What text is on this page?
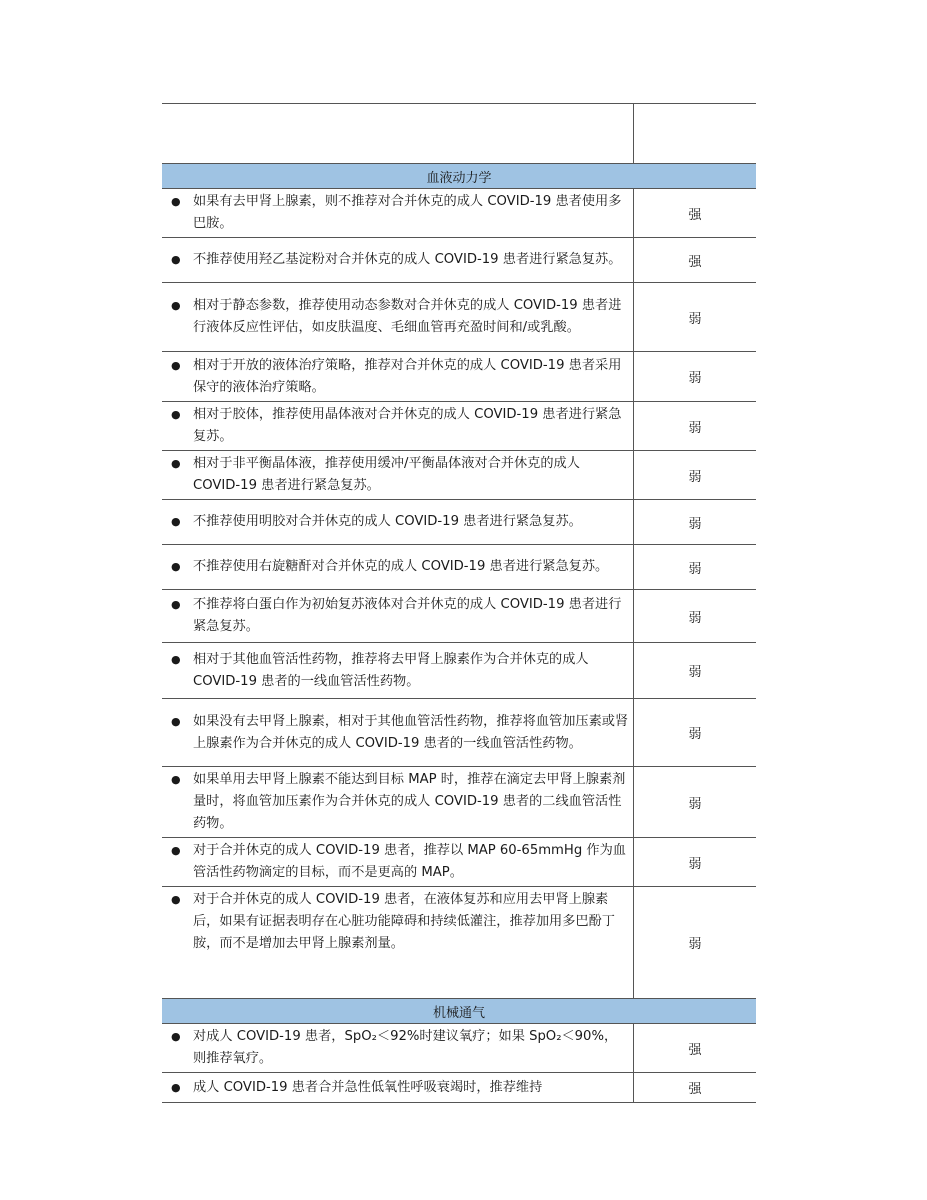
血液动力学	

● 如果有去甲肾上腺素，则不推荐对合并休克的成人 COVID-19 患者使用多巴胺。	强

● 不推荐使用羟乙基淀粉对合并休克的成人 COVID-19 患者进行紧急复苏。	强

● 相对于静态参数，推荐使用动态参数对合并休克的成人 COVID-19 患者进行液体反应性评估，如皮肤温度、毛细血管再充盈时间和/或乳酸。	弱

● 相对于开放的液体治疗策略，推荐对合并休克的成人 COVID-19 患者采用保守的液体治疗策略。	弱

● 相对于胶体，推荐使用晶体液对合并休克的成人 COVID-19 患者进行紧急复苏。	弱

● 相对于非平衡晶体液，推荐使用缓冲/平衡晶体液对合并休克的成人 COVID-19 患者进行紧急复苏。	弱

● 不推荐使用明胶对合并休克的成人 COVID-19 患者进行紧急复苏。	弱

● 不推荐使用右旋糖酐对合并休克的成人 COVID-19 患者进行紧急复苏。	弱

● 不推荐将白蛋白作为初始复苏液体对合并休克的成人 COVID-19 患者进行紧急复苏。	弱

● 相对于其他血管活性药物，推荐将去甲肾上腺素作为合并休克的成人 COVID-19 患者的一线血管活性药物。	弱

● 如果没有去甲肾上腺素，相对于其他血管活性药物，推荐将血管加压素或肾上腺素作为合并休克的成人 COVID-19 患者的一线血管活性药物。	弱

● 如果单用去甲肾上腺素不能达到目标 MAP 时，推荐在滴定去甲肾上腺素剂量时，将血管加压素作为合并休克的成人 COVID-19 患者的二线血管活性药物。	弱

● 对于合并休克的成人 COVID-19 患者，推荐以 MAP 60-65mmHg 作为血管活性药物滴定的目标，而不是更高的 MAP。	弱

● 对于合并休克的成人 COVID-19 患者，在液体复苏和应用去甲肾上腺素后，如果有证据表明存在心脏功能障碍和持续低灌注，推荐加用多巴酚丁胺，而不是增加去甲肾上腺素剂量。	弱
机械通气	

● 对成人 COVID-19 患者，SpO₂＜92%时建议氧疗；如果 SpO₂＜90%，则推荐氧疗。	强

● 成人 COVID-19 患者合并急性低氧性呼吸衰竭时，推荐维持	强
